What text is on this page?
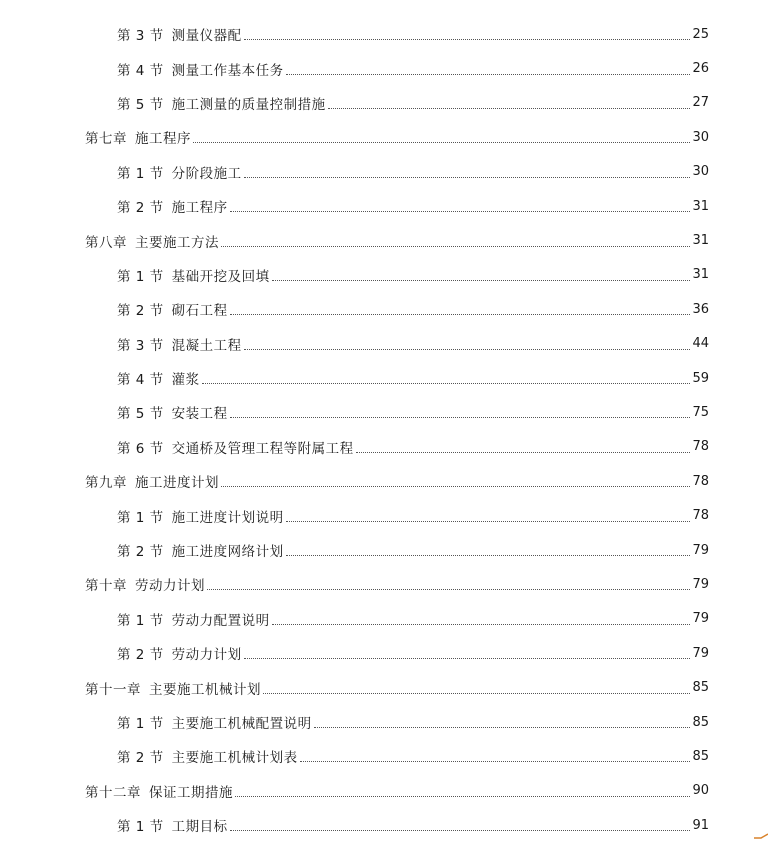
第 3 节 测量仪器配	25
第 4 节 测量工作基本任务	26
第 5 节 施工测量的质量控制措施	27
第七章 施工程序	30
第 1 节 分阶段施工	30
第 2 节 施工程序	31
第八章 主要施工方法	31
第 1 节 基础开挖及回填	31
第 2 节 砌石工程	36
第 3 节 混凝土工程	44
第 4 节 灌浆	59
第 5 节 安装工程	75
第 6 节 交通桥及管理工程等附属工程	78
第九章 施工进度计划	78
第 1 节 施工进度计划说明	78
第 2 节 施工进度网络计划	79
第十章 劳动力计划	79
第 1 节 劳动力配置说明	79
第 2 节 劳动力计划	79
第十一章 主要施工机械计划	85
第 1 节 主要施工机械配置说明	85
第 2 节 主要施工机械计划表	85
第十二章 保证工期措施	90
第 1 节 工期目标	91
